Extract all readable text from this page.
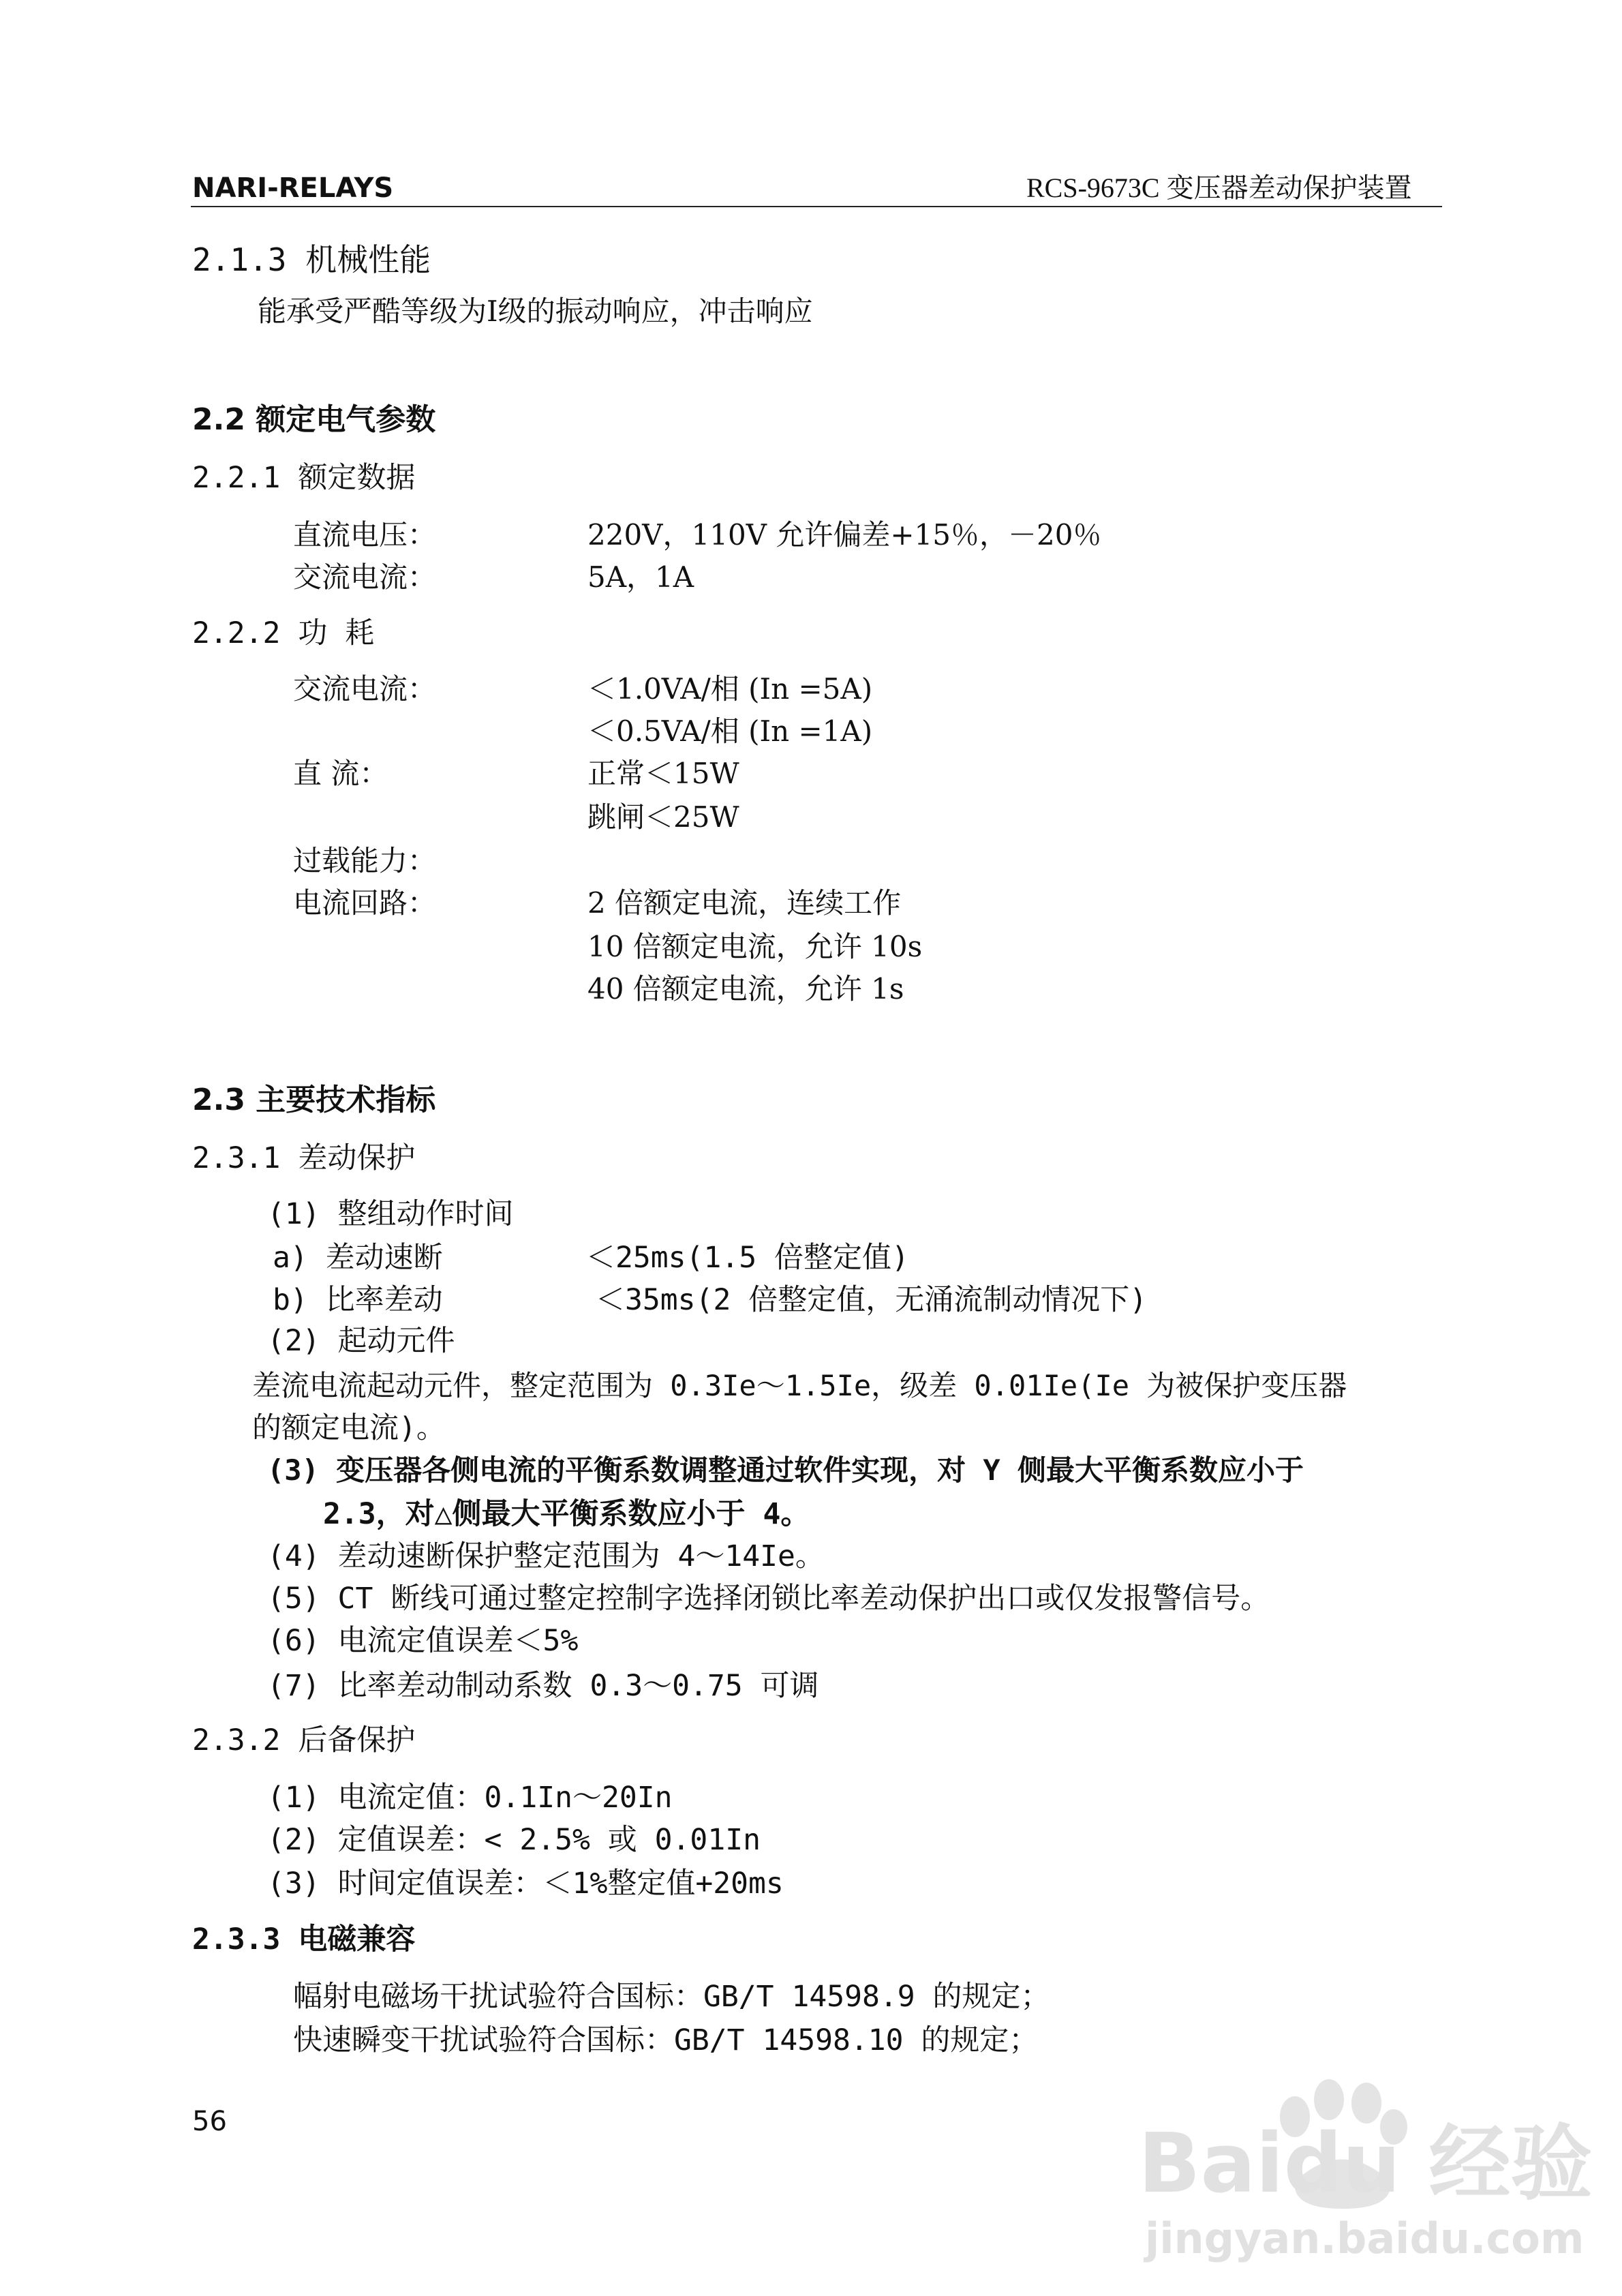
NARI-RELAYS	RCS-9673C 变压器差动保护装置
2.1.3 机械性能
能承受严酷等级为Ⅰ级的振动响应，冲击响应
2.2 额定电气参数
2.2.1 额定数据
直流电压：	220V，110V 允许偏差+15％，－20％
交流电流：	5A，1A
2.2.2 功 耗
交流电流：	＜1.0VA/相 (In =5A)
＜0.5VA/相 (In =1A)
直 流：	正常＜15W
跳闸＜25W
过载能力：
电流回路：	2 倍额定电流，连续工作
10 倍额定电流，允许 10s
40 倍额定电流，允许 1s
2.3 主要技术指标
2.3.1 差动保护
(1) 整组动作时间
a) 差动速断	＜25ms(1.5 倍整定值)
b) 比率差动	＜35ms(2 倍整定值，无涌流制动情况下)
(2) 起动元件
差流电流起动元件，整定范围为 0.3Ie～1.5Ie，级差 0.01Ie(Ie 为被保护变压器
的额定电流)。
(3) 变压器各侧电流的平衡系数调整通过软件实现，对 Y 侧最大平衡系数应小于
2.3，对△侧最大平衡系数应小于 4。
(4) 差动速断保护整定范围为 4～14Ie。
(5) CT 断线可通过整定控制字选择闭锁比率差动保护出口或仅发报警信号。
(6) 电流定值误差＜5%
(7) 比率差动制动系数 0.3～0.75 可调
2.3.2 后备保护
(1) 电流定值：0.1In～20In
(2) 定值误差：< 2.5% 或 0.01In
(3) 时间定值误差：＜1%整定值+20ms
2.3.3 电磁兼容
幅射电磁场干扰试验符合国标：GB/T 14598.9 的规定；
快速瞬变干扰试验符合国标：GB/T 14598.10 的规定；
56	Baidu 经验
jingyan.baidu.com
